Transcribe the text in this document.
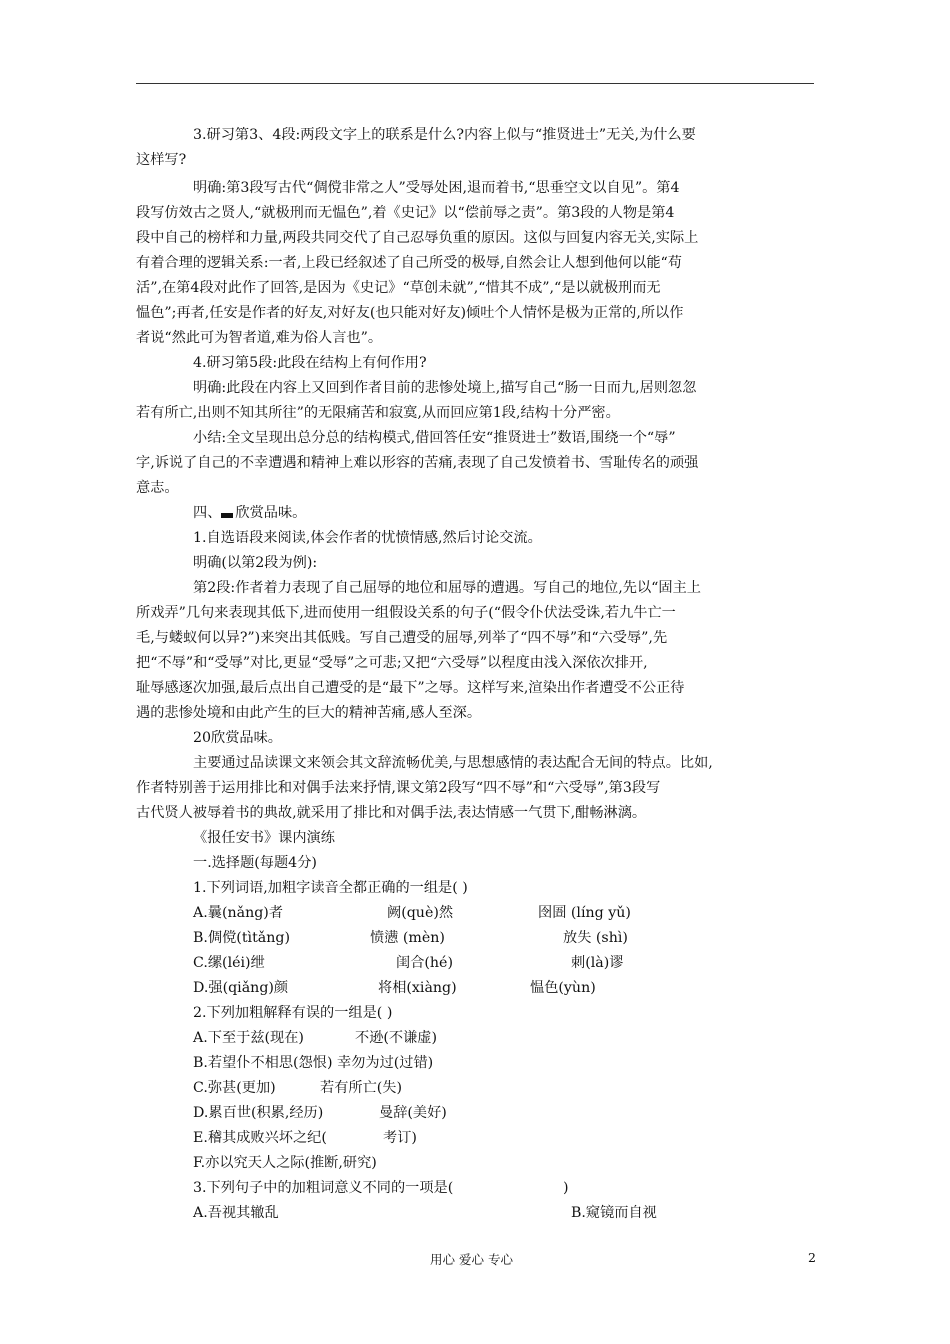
3.研习第3、4段:两段文字上的联系是什么?内容上似与“推贤进士”无关,为什么要
这样写?
明确:第3段写古代“倜傥非常之人”受辱处困,退而着书,“思垂空文以自见”。第4
段写仿效古之贤人,“就极刑而无愠色”,着《史记》以“偿前辱之责”。第3段的人物是第4
段中自己的榜样和力量,两段共同交代了自己忍辱负重的原因。这似与回复内容无关,实际上
有着合理的逻辑关系:一者,上段已经叙述了自己所受的极辱,自然会让人想到他何以能“苟
活”,在第4段对此作了回答,是因为《史记》“草创未就”,“惜其不成”,“是以就极刑而无
愠色”;再者,任安是作者的好友,对好友(也只能对好友)倾吐个人情怀是极为正常的,所以作
者说“然此可为智者道,难为俗人言也”。
4.研习第5段:此段在结构上有何作用?
明确:此段在内容上又回到作者目前的悲惨处境上,描写自己“肠一日而九,居则忽忽
若有所亡,出则不知其所往”的无限痛苦和寂寞,从而回应第1段,结构十分严密。
小结:全文呈现出总分总的结构模式,借回答任安“推贤进士”数语,围绕一个“辱”
字,诉说了自己的不幸遭遇和精神上难以形容的苦痛,表现了自己发愤着书、雪耻传名的顽强
意志。
四、 欣赏品味。
1.自选语段来阅读,体会作者的忧愤情感,然后讨论交流。
明确(以第2段为例):
第2段:作者着力表现了自己屈辱的地位和屈辱的遭遇。写自己的地位,先以“固主上
所戏弄”几句来表现其低下,进而使用一组假设关系的句子(“假令仆伏法受诛,若九牛亡一
毛,与蝼蚁何以异?”)来突出其低贱。写自己遭受的屈辱,列举了“四不辱”和“六受辱”,先
把“不辱”和“受辱”对比,更显“受辱”之可悲;又把“六受辱”以程度由浅入深依次排开,
耻辱感逐次加强,最后点出自己遭受的是“最下”之辱。这样写来,渲染出作者遭受不公正待
遇的悲惨处境和由此产生的巨大的精神苦痛,感人至深。
20欣赏品味。
主要通过品读课文来领会其文辞流畅优美,与思想感情的表达配合无间的特点。比如,
作者特别善于运用排比和对偶手法来抒情,课文第2段写“四不辱”和“六受辱”,第3段写
古代贤人被辱着书的典故,就采用了排比和对偶手法,表达情感一气贯下,酣畅淋漓。
《报任安书》课内演练
一.选择题(每题4分)
1.下列词语,加粗字读音全都正确的一组是( )
A.曩(nǎng)者	阙(què)然	囹圄 (líng yǔ)
B.倜傥(tìtǎng)	愤懑 (mèn)	放失 (shì)
C.缧(léi)绁	闺合(hé)	刺(là)谬
D.强(qiǎng)颜	将相(xiàng)	愠色(yùn)
2.下列加粗解释有误的一组是( )
A.下至于兹(现在)	不逊(不谦虚)
B.若望仆不相思(怨恨) 幸勿为过(过错)
C.弥甚(更加)	若有所亡(失)
D.累百世(积累,经历)	曼辞(美好)
E.稽其成败兴坏之纪(	考订)
F.亦以究天人之际(推断,研究)
3.下列句子中的加粗词意义不同的一项是(	)
A.吾视其辙乱	B.窥镜而自视
用心 爱心 专心	2
